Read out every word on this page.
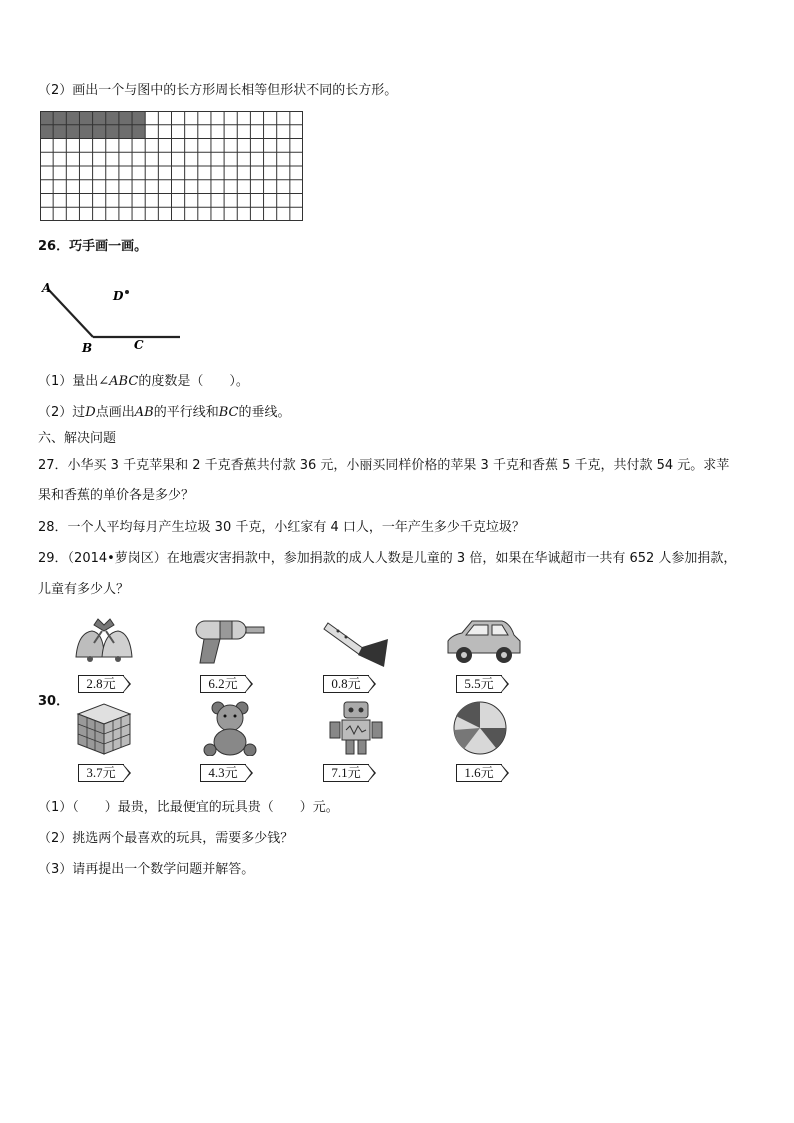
（2）画出一个与图中的长方形周长相等但形状不同的长方形。
26．巧手画一画。
A
B	C
D
（1）量出∠ABC的度数是（　　）。
（2）过D点画出AB的平行线和BC的垂线。
六、解决问题
27．小华买 3 千克苹果和 2 千克香蕉共付款 36 元，小丽买同样价格的苹果 3 千克和香蕉 5 千克，共付款 54 元。求苹
果和香蕉的单价各是多少？
28．一个人平均每月产生垃圾 30 千克，小红家有 4 口人，一年产生多少千克垃圾？
29．（2014•萝岗区）在地震灾害捐款中，参加捐款的成人人数是儿童的 3 倍，如果在华诚超市一共有 652 人参加捐款，
儿童有多少人？
30．
2.8元	6.2元	0.8元	5.5元
3.7元	4.3元	7.1元	1.6元
（1）（　　）最贵，比最便宜的玩具贵（　　）元。
（2）挑选两个最喜欢的玩具，需要多少钱？
（3）请再提出一个数学问题并解答。
